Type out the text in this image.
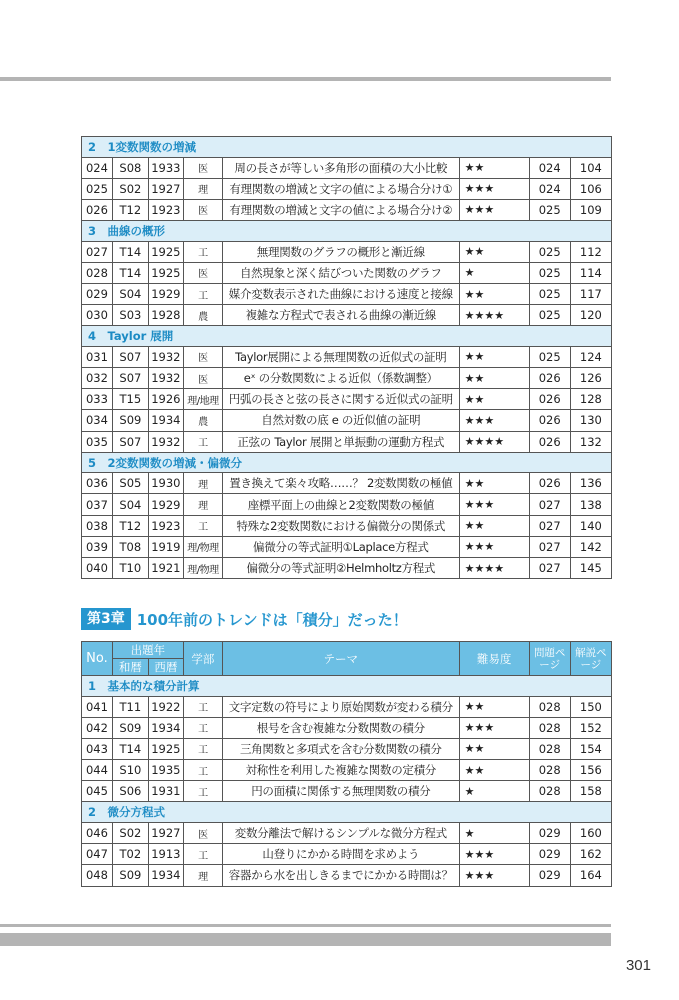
2　1変数関数の増減							
024	S08	1933	医	周の長さが等しい多角形の面積の大小比較	★★	024	104
025	S02	1927	理	有理関数の増減と文字の値による場合分け①	★★★	024	106
026	T12	1923	医	有理関数の増減と文字の値による場合分け②	★★★	025	109
3　曲線の概形							
027	T14	1925	工	無理関数のグラフの概形と漸近線	★★	025	112
028	T14	1925	医	自然現象と深く結びついた関数のグラフ	★	025	114
029	S04	1929	工	媒介変数表示された曲線における速度と接線	★★	025	117
030	S03	1928	農	複雑な方程式で表される曲線の漸近線	★★★★	025	120
4　Taylor 展開							
031	S07	1932	医	Taylor展開による無理関数の近似式の証明	★★	025	124
032	S07	1932	医	eˣ の分数関数による近似（係数調整）	★★	026	126
033	T15	1926	理/地理	円弧の長さと弦の長さに関する近似式の証明	★★	026	128
034	S09	1934	農	自然対数の底 e の近似値の証明	★★★	026	130
035	S07	1932	工	正弦の Taylor 展開と単振動の運動方程式	★★★★	026	132
5　2変数関数の増減・偏微分							
036	S05	1930	理	置き換えて楽々攻略……？ 2変数関数の極値	★★	026	136
037	S04	1929	理	座標平面上の曲線と2変数関数の極値	★★★	027	138
038	T12	1923	工	特殊な2変数関数における偏微分の関係式	★★	027	140
039	T08	1919	理/物理	偏微分の等式証明①Laplace方程式	★★★	027	142
040	T10	1921	理/物理	偏微分の等式証明②Helmholtz方程式	★★★★	027	145
第3章 100年前のトレンドは「積分」だった！
No.	出題年		学部	テーマ	難易度	問題ページ	解説ページ
	和暦	西暦					
1　基本的な積分計算							
041	T11	1922	工	文字定数の符号により原始関数が変わる積分	★★	028	150
042	S09	1934	工	根号を含む複雑な分数関数の積分	★★★	028	152
043	T14	1925	工	三角関数と多項式を含む分数関数の積分	★★	028	154
044	S10	1935	工	対称性を利用した複雑な関数の定積分	★★	028	156
045	S06	1931	工	円の面積に関係する無理関数の積分	★	028	158
2　微分方程式							
046	S02	1927	医	変数分離法で解けるシンプルな微分方程式	★	029	160
047	T02	1913	工	山登りにかかる時間を求めよう	★★★	029	162
048	S09	1934	理	容器から水を出しきるまでにかかる時間は？	★★★	029	164
301
